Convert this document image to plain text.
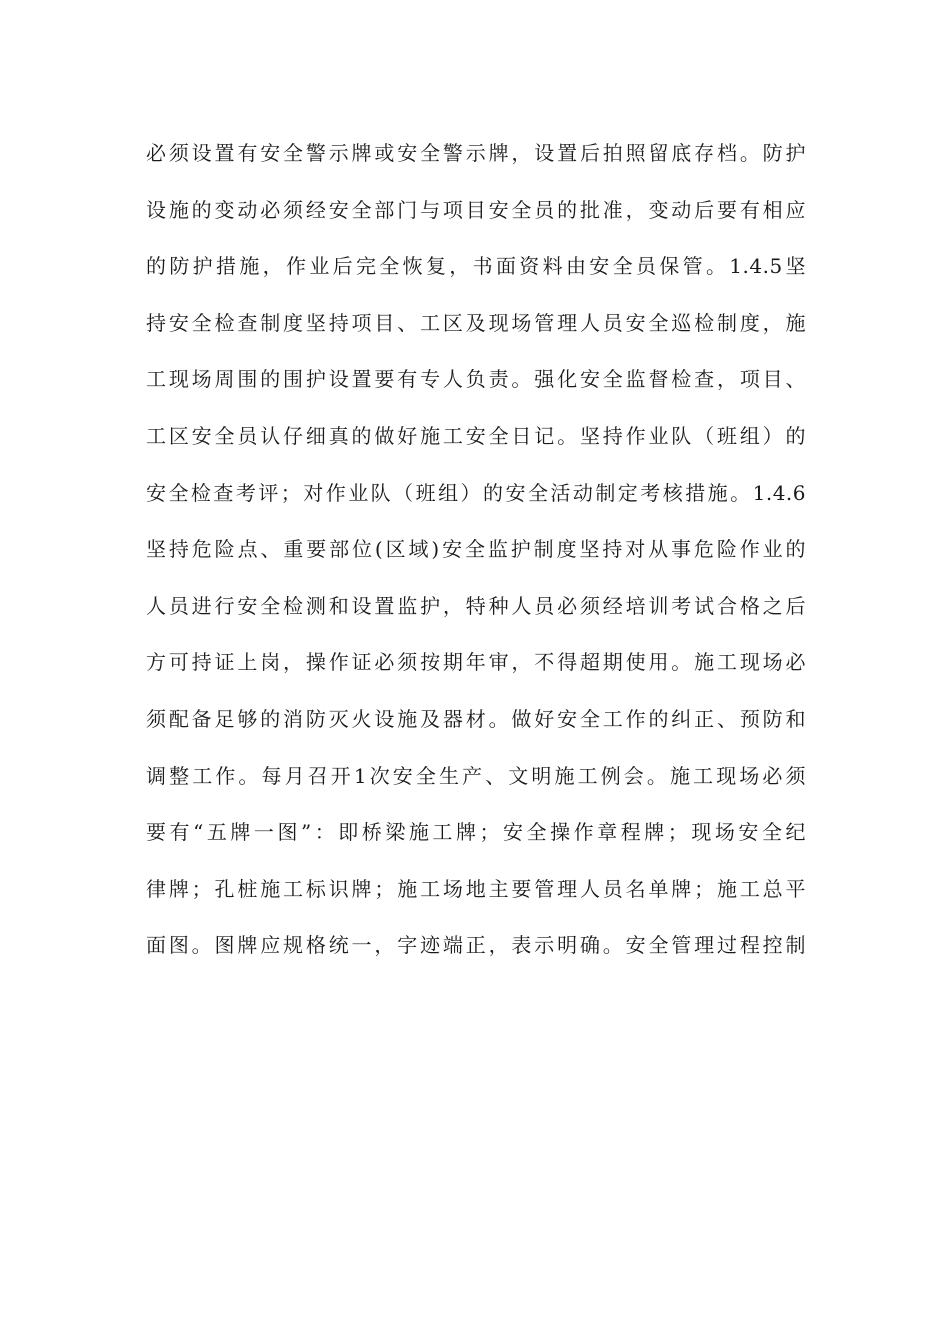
必须设置有安全警示牌或安全警示牌，设置后拍照留底存档。防护
设施的变动必须经安全部门与项目安全员的批准，变动后要有相应
的防护措施，作业后完全恢复，书面资料由安全员保管。1.4.5坚
持安全检查制度坚持项目、工区及现场管理人员安全巡检制度，施
工现场周围的围护设置要有专人负责。强化安全监督检查，项目、
工区安全员认仔细真的做好施工安全日记。坚持作业队（班组）的
安全检查考评；对作业队（班组）的安全活动制定考核措施。1.4.6
坚持危险点、重要部位(区域)安全监护制度坚持对从事危险作业的
人员进行安全检测和设置监护，特种人员必须经培训考试合格之后
方可持证上岗，操作证必须按期年审，不得超期使用。施工现场必
须配备足够的消防灭火设施及器材。做好安全工作的纠正、预防和
调整工作。每月召开1次安全生产、文明施工例会。施工现场必须
要有“五牌一图”：即桥梁施工牌；安全操作章程牌；现场安全纪
律牌；孔桩施工标识牌；施工场地主要管理人员名单牌；施工总平
面图。图牌应规格统一，字迹端正，表示明确。安全管理过程控制
